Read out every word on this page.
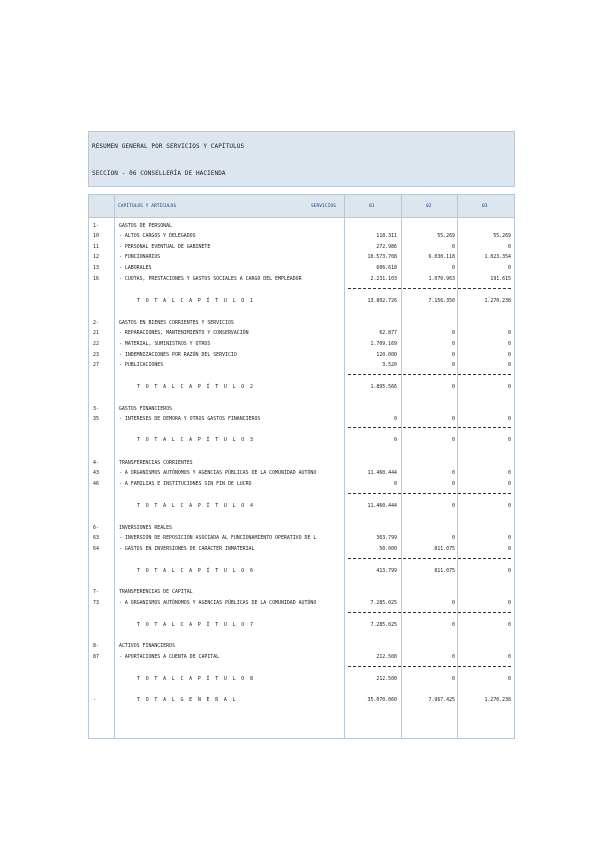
RESUMEN GENERAL POR SERVICIOS Y CAPÍTULOS
SECCION - 06 CONSELLERÍA DE HACIENDA
CAPÍTULOS Y ARTÍCULOS	SERVICIOS	01	02	03
1-	GASTOS DE PERSONAL
10	- ALTOS CARGOS Y DELEGADOS	118.311	55.269	55.269
11	- PERSONAL EVENTUAL DE GABINETE	272.986	0	0
12	- FUNCIONARIOS	10.573.708	6.030.118	1.023.354
13	- LABORALES	606.618	0	0
16	- CUOTAS, PRESTACIONES Y GASTOS SOCIALES A CARGO DEL EMPLEADOR	2.231.103	1.070.963	191.615
T O T A L C A P Í T U L O 1	13.802.726	7.156.350	1.270.238
2-	GASTOS EN BIENES CORRIENTES Y SERVICIOS
21	- REPARACIONES, MANTENIMIENTO Y CONSERVACIÓN	62.877	0	0
22	- MATERIAL, SUMINISTROS Y OTROS	1.709.169	0	0
23	- INDEMNIZACIONES POR RAZÓN DEL SERVICIO	120.000	0	0
27	- PUBLICACIONES	3.520	0	0
T O T A L C A P Í T U L O 2	1.895.566	0	0
3-	GASTOS FINANCIEROS
35	- INTERESES DE DEMORA Y OTROS GASTOS FINANCIEROS	0	0	0
T O T A L C A P Í T U L O 3	0	0	0
4-	TRANSFERENCIAS CORRIENTES
43	- A ORGANISMOS AUTÓNOMOS Y AGENCIAS PÚBLICAS DE LA COMUNIDAD AUTÓNO	11.460.444	0	0
46	- A FAMILIAS E INSTITUCIONES SIN FIN DE LUCRO	0	0	0
T O T A L C A P Í T U L O 4	11.460.444	0	0
6-	INVERSIONES REALES
63	- INVERSIÓN DE REPOSICIÓN ASOCIADA AL FUNCIONAMIENTO OPERATIVO DE L	363.799	0	0
64	- GASTOS EN INVERSIONES DE CARÁCTER INMATERIAL	50.000	811.075	0
T O T A L C A P Í T U L O 6	413.799	811.075	0
7-	TRANSFERENCIAS DE CAPITAL
73	- A ORGANISMOS AUTÓNOMOS Y AGENCIAS PÚBLICAS DE LA COMUNIDAD AUTÓNO	7.285.025	0	0
T O T A L C A P Í T U L O 7	7.285.025	0	0
8-	ACTIVOS FINANCIEROS
87	- APORTACIONES A CUENTA DE CAPITAL	212.500	0	0
T O T A L C A P Í T U L O 8	212.500	0	0
-	T O T A L G E N E R A L	35.070.060	7.967.425	1.270.238
